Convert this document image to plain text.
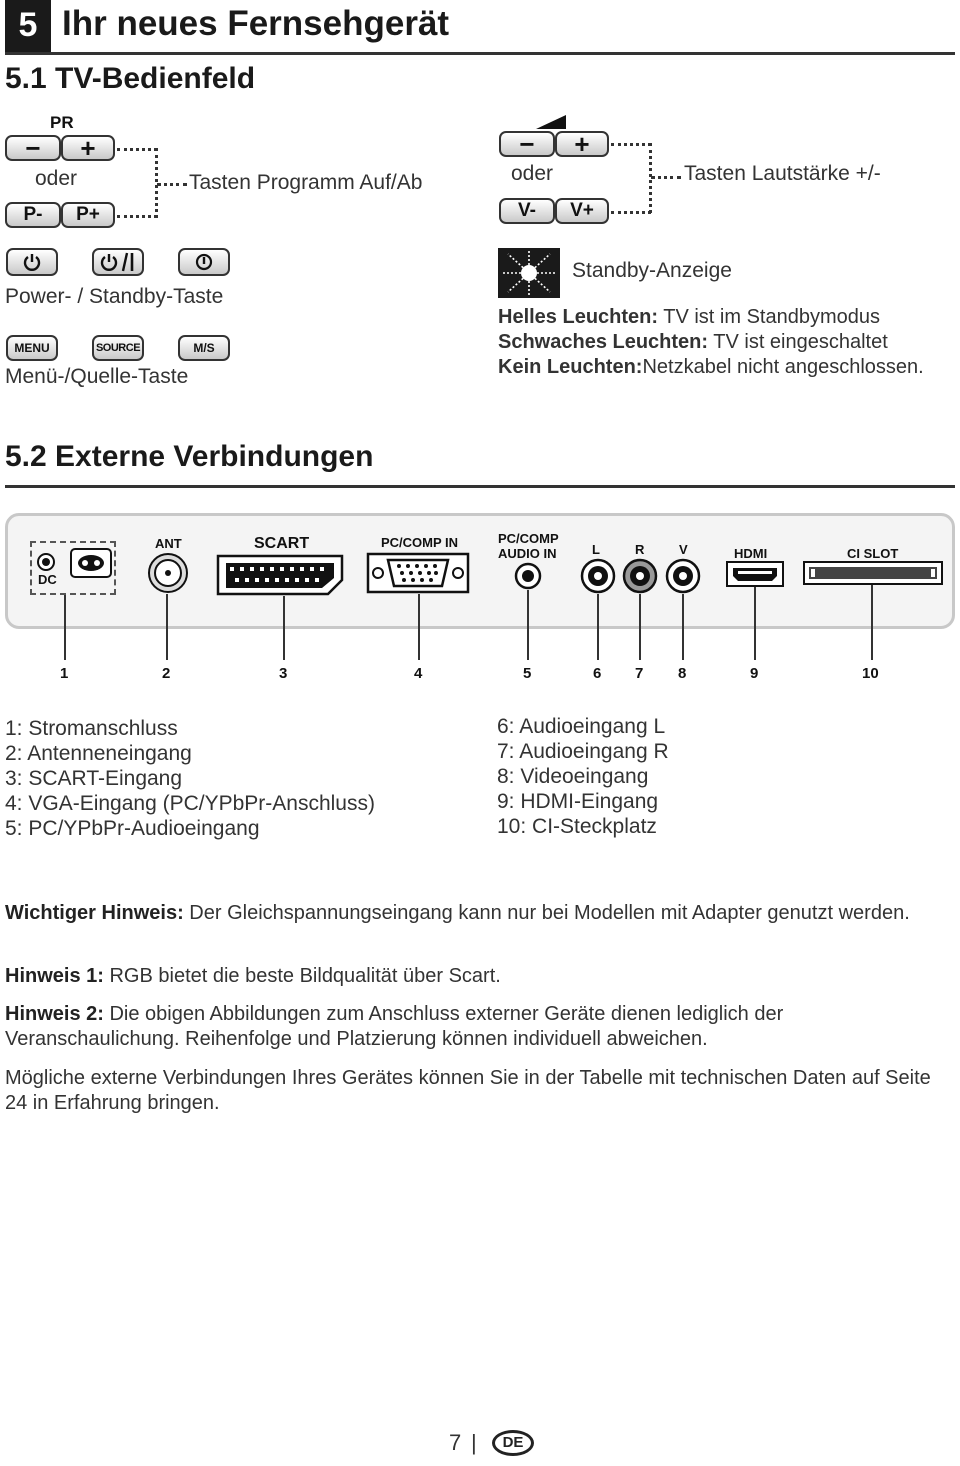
5 Ihr neues Fernsehgerät
5.1 TV-Bedienfeld
PR
−	+
oder
P-	P+
Tasten Programm Auf/Ab
−	+
oder
V-	V+
Tasten Lautstärke +/-
Power- / Standby-Taste
MENU	SOURCE	M/S
Menü-/Quelle-Taste
Standby-Anzeige
Helles Leuchten: TV ist im Standbymodus
Schwaches Leuchten: TV ist eingeschaltet
Kein Leuchten:Netzkabel nicht angeschlossen.
5.2 Externe Verbindungen
DC
ANT	SCART	PC/COMP IN	PC/COMP
AUDIO IN	L	R	V	HDMI	CI SLOT
1	2	3	4	5	6 7 8	9	10
1: Stromanschluss
2: Antenneneingang
3: SCART-Eingang
4: VGA-Eingang (PC/YPbPr-Anschluss)
5: PC/YPbPr-Audioeingang
6: Audioeingang L
7: Audioeingang R
8: Videoeingang
9: HDMI-Eingang
10: CI-Steckplatz
Wichtiger Hinweis: Der Gleichspannungseingang kann nur bei Modellen mit Adapter genutzt werden.
Hinweis 1: RGB bietet die beste Bildqualität über Scart.
Hinweis 2: Die obigen Abbildungen zum Anschluss externer Geräte dienen lediglich der Veranschaulichung. Reihenfolge und Platzierung können individuell abweichen.
Mögliche externe Verbindungen Ihres Gerätes können Sie in der Tabelle mit technischen Daten auf Seite 24 in Erfahrung bringen.
7 |	DE
